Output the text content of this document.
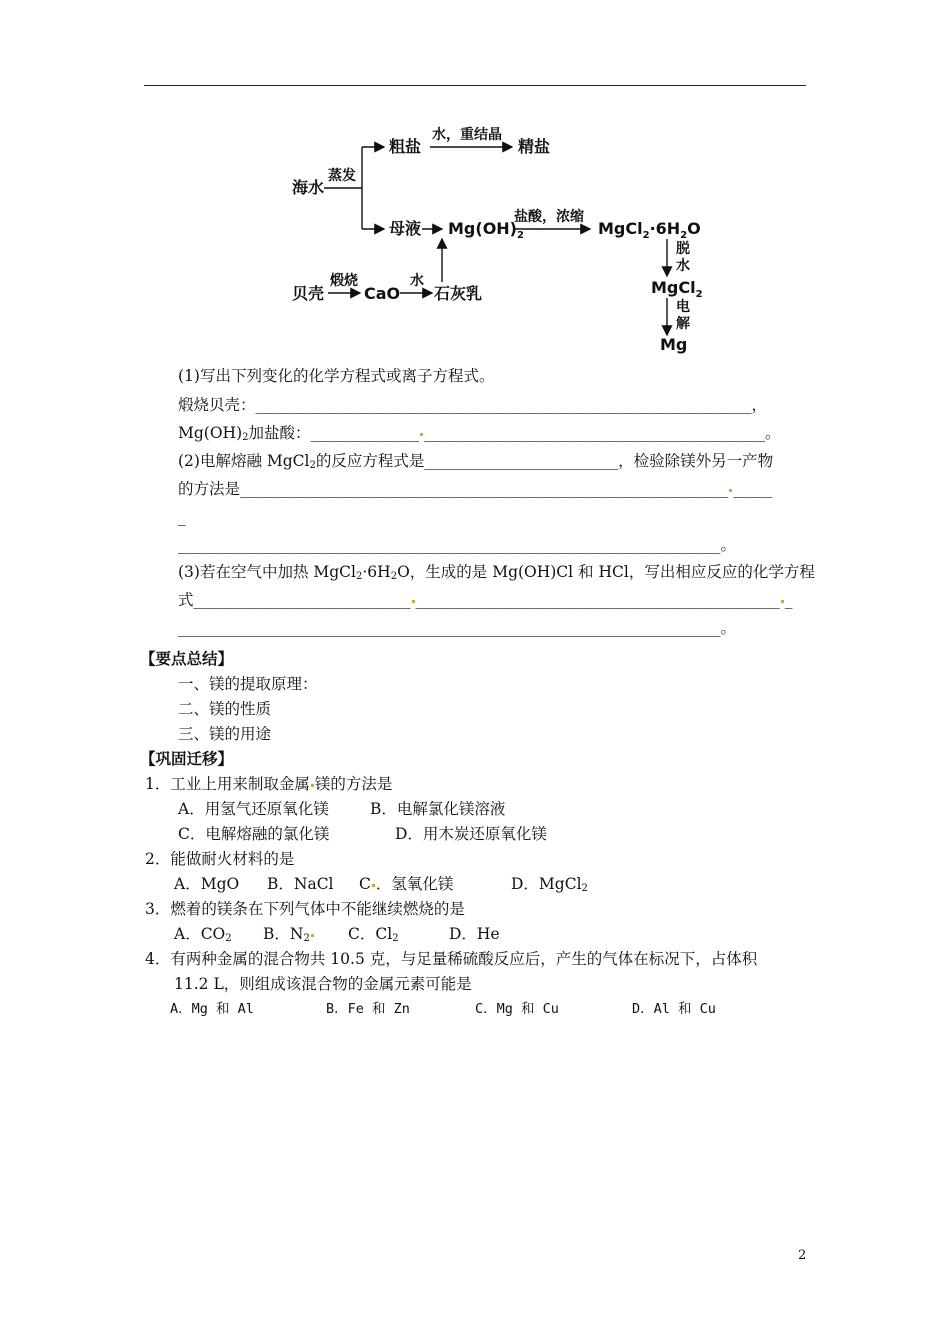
海水
蒸发
粗盐
水，重结晶
精盐
母液 $Mg(OH)_2$
盐酸，浓缩
$MgCl_2\cdot 6H_2O$
脱
水
MgCl$_2$
电
解
Mg
贝壳
煅烧
CaO
水
石灰乳
(1)写出下列变化的化学方程式或离子方程式。
煅烧贝壳：________________________________________________________________，
$Mg(OH)_2$加盐酸：______________ ____________________________________________。
(2)电解熔融 MgCl$_2$的反应方程式是_________________________，检验除镁外另一产物
的方法是_______________________________________________________________ _____
_
______________________________________________________________________。
(3)若在空气中加热 $MgCl_2\cdot 6H_2O$，生成的是 Mg(OH)Cl 和 HCl，写出相应反应的化学方程
式____________________________ _______________________________________________ _
______________________________________________________________________。
【要点总结】
一、镁的提取原理：
二、镁的性质
三、镁的用途
【巩固迁移】
1．工业上用来制取金属 镁的方法是
A．用氢气还原氧化镁	B．电解氯化镁溶液
C．电解熔融的氯化镁	D．用木炭还原氧化镁
2．能做耐火材料的是
A．MgO B．NaCl C ．氢氧化镁	D．MgCl$_2$
3．燃着的镁条在下列气体中不能继续燃烧的是
A．$CO_2$ B．$N_2$	C．$Cl_2$	D．He
4．有两种金属的混合物共 10.5 克，与足量稀硫酸反应后，产生的气体在标况下，占体积
11.2 L，则组成该混合物的金属元素可能是
A．Mg 和 Al	B．Fe 和 Zn	C．Mg 和 Cu	D．Al 和 Cu
2
